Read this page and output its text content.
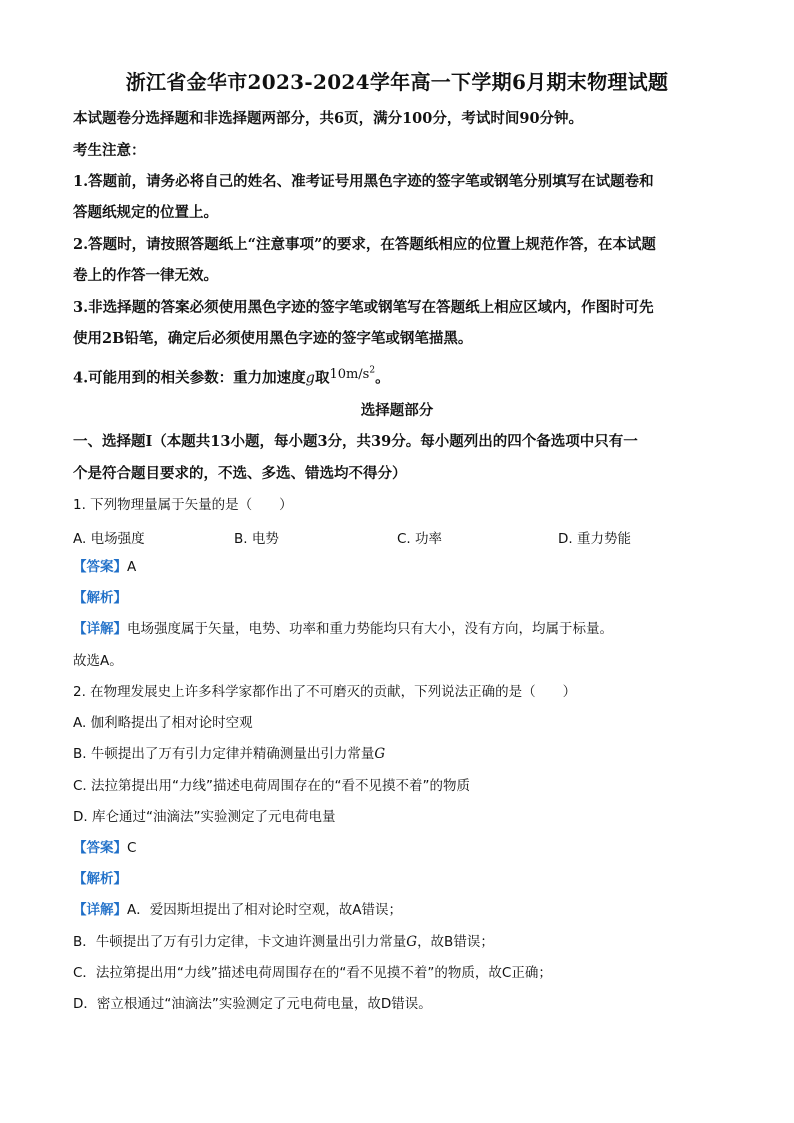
浙江省金华市2023-2024学年高一下学期6月期末物理试题
本试题卷分选择题和非选择题两部分，共6页，满分100分，考试时间90分钟。
考生注意：
1.答题前，请务必将自己的姓名、准考证号用黑色字迹的签字笔或钢笔分别填写在试题卷和
答题纸规定的位置上。
2.答题时，请按照答题纸上“注意事项”的要求，在答题纸相应的位置上规范作答，在本试题
卷上的作答一律无效。
3.非选择题的答案必须使用黑色字迹的签字笔或钢笔写在答题纸上相应区域内，作图时可先
使用2B铅笔，确定后必须使用黑色字迹的签字笔或钢笔描黑。
4.可能用到的相关参数：重力加速度g取$10m/s^2$。
选择题部分
一、选择题Ⅰ（本题共13小题，每小题3分，共39分。每小题列出的四个备选项中只有一
个是符合题目要求的，不选、多选、错选均不得分）
1. 下列物理量属于矢量的是（　　）
A. 电场强度	B. 电势	C. 功率	D. 重力势能
【答案】A
【解析】
【详解】电场强度属于矢量，电势、功率和重力势能均只有大小，没有方向，均属于标量。
故选A。
2. 在物理发展史上许多科学家都作出了不可磨灭的贡献，下列说法正确的是（　　）
A. 伽利略提出了相对论时空观
B. 牛顿提出了万有引力定律并精确测量出引力常量G
C. 法拉第提出用“力线”描述电荷周围存在的“看不见摸不着”的物质
D. 库仑通过“油滴法”实验测定了元电荷电量
【答案】C
【解析】
【详解】A．爱因斯坦提出了相对论时空观，故A错误；
B．牛顿提出了万有引力定律，卡文迪许测量出引力常量G，故B错误；
C．法拉第提出用“力线”描述电荷周围存在的“看不见摸不着”的物质，故C正确；
D．密立根通过“油滴法”实验测定了元电荷电量，故D错误。
